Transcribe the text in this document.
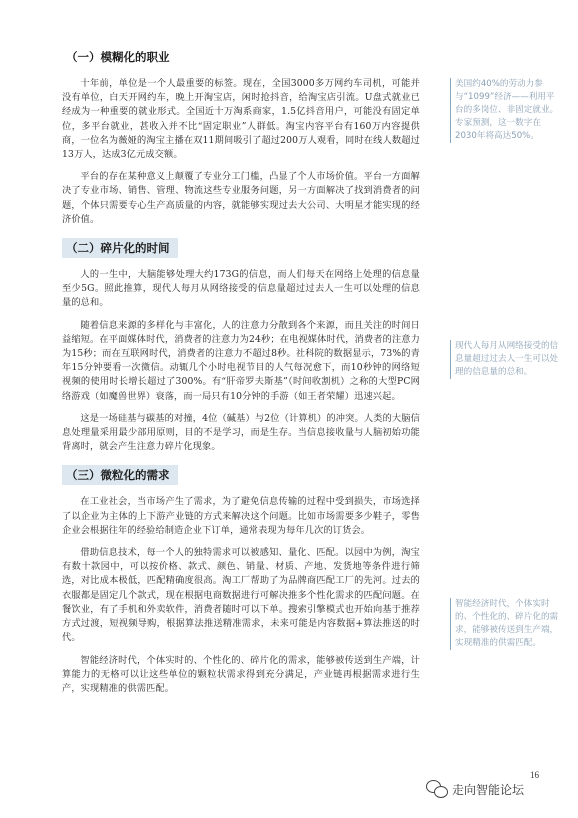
（一）模糊化的职业

十年前，单位是一个人最重要的标签。现在，全国3000多万网约车司机，可能并没有单位，白天开网约车，晚上开淘宝店，闲时抢抖音，给淘宝店引流。U盘式就业已经成为一种重要的就业形式。全国近十万淘系商家，1.5亿抖音用户，可能没有固定单位，多平台就业，甚收入并不比“固定职业”人群低。淘宝内容平台有160万内容提供商，一位名为薇娅的淘宝主播在双11期间吸引了超过200万人观看，同时在线人数超过13万人，达成3亿元成交额。

平台的存在某种意义上颠覆了专业分工门槛，凸显了个人市场价值。平台一方面解决了专业市场、销售、管理、物流这些专业服务问题，另一方面解决了找到消费者的问题，个体只需要专心生产高质量的内容，就能够实现过去大公司、大明星才能实现的经济价值。

（二）碎片化的时间

人的一生中，大脑能够处理大约173G的信息，而人们每天在网络上处理的信息量至少5G。照此推算，现代人每月从网络接受的信息量超过过去人一生可以处理的信息量的总和。

随着信息来源的多样化与丰富化，人的注意力分散到各个来源，而且关注的时间日益缩短。在平面媒体时代，消费者的注意力为24秒；在电视媒体时代，消费者的注意力为15秒；而在互联网时代，消费者的注意力不超过8秒。社科院的数据显示，73%的青年15分钟要看一次微信。动辄几个小时电视节目的人气每况愈下，而10秒钟的网络短视频的使用时长增长超过了300%。有“肝帝罗夫斯基”（时间收割机）之称的大型PC网络游戏（如魔兽世界）衰落，而一局只有10分钟的手游（如王者荣耀）迅速兴起。

这是一场硅基与碳基的对撞，4位（碱基）与2位（计算机）的冲突。人类的大脑信息处理量采用最少部用原则，目的不是学习，而是生存。当信息接收量与人脑初始功能背离时，就会产生注意力碎片化现象。

（三）微粒化的需求

在工业社会，当市场产生了需求，为了避免信息传输的过程中受到损失，市场选择了以企业为主体的上下游产业链的方式来解决这个问题。比如市场需要多少鞋子，零售企业会根据往年的经验给制造企业下订单，通常表现为每年几次的订货会。

借助信息技术，每一个人的独特需求可以被感知、量化、匹配。以园中为例，淘宝有数十款园中，可以按价格、款式、颜色、销量、材质、产地、发货地等条件进行筛选，对比成本极低，匹配精确度很高。淘工厂帮助了为品牌商匹配工厂的先河。过去的衣服都是固定几个款式，现在根据电商数据进行可解决推多个性化需求的匹配问题。在餐饮业，有了手机和外卖软件，消费者随时可以下单。搜索引擎模式也开始向基于推荐方式过渡，短视频导购，根据算法推送精准需求，未来可能是内容数据+算法推送的时代。

智能经济时代，个体实时的、个性化的、碎片化的需求，能够被传送到生产端，计算能力的无格可以让这些单位的颗粒状需求得到充分满足，产业链再根据需求进行生产，实现精准的供需匹配。

美国约40%的劳动力参与“1099”经济——利用平台的多岗位、非固定就业。专家预测，这一数字在2030年将高达50%。
现代人每月从网络接受的信息量超过过去人一生可以处理的信息量的总和。
智能经济时代，个体实时的、个性化的、碎片化的需求，能够被传送到生产端，实现精准的供需匹配。
16
走向智能论坛
